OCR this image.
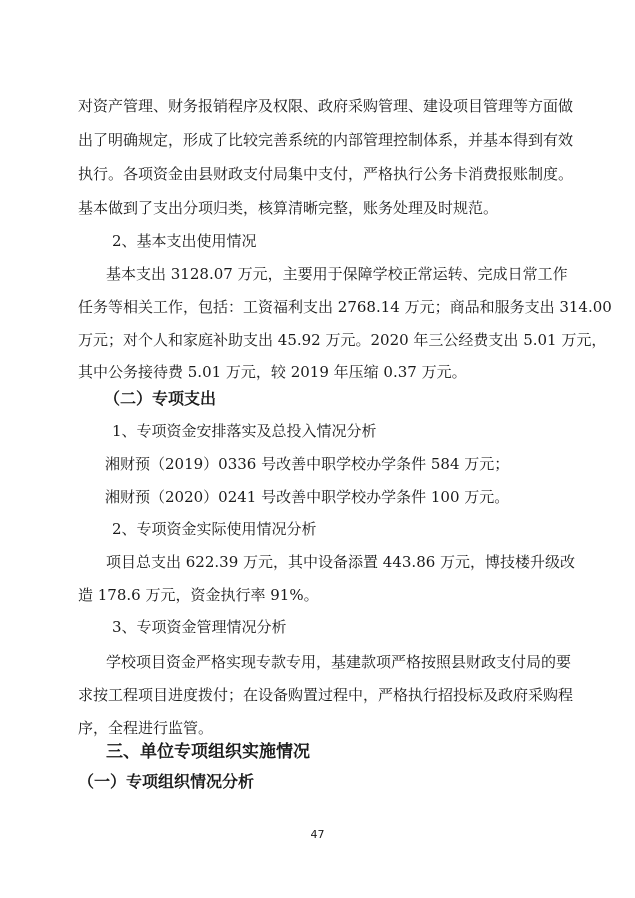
对资产管理、财务报销程序及权限、政府采购管理、建设项目管理等方面做
出了明确规定，形成了比较完善系统的内部管理控制体系，并基本得到有效
执行。各项资金由县财政支付局集中支付，严格执行公务卡消费报账制度。
基本做到了支出分项归类，核算清晰完整，账务处理及时规范。
2、基本支出使用情况
基本支出 3128.07 万元，主要用于保障学校正常运转、完成日常工作
任务等相关工作，包括：工资福利支出 2768.14 万元；商品和服务支出 314.00
万元；对个人和家庭补助支出 45.92 万元。2020 年三公经费支出 5.01 万元，
其中公务接待费 5.01 万元，较 2019 年压缩 0.37 万元。
（二）专项支出
1、专项资金安排落实及总投入情况分析
湘财预（2019）0336 号改善中职学校办学条件 584 万元；
湘财预（2020）0241 号改善中职学校办学条件 100 万元。
2、专项资金实际使用情况分析
项目总支出 622.39 万元，其中设备添置 443.86 万元，博技楼升级改
造 178.6 万元，资金执行率 91%。
3、专项资金管理情况分析
学校项目资金严格实现专款专用，基建款项严格按照县财政支付局的要
求按工程项目进度拨付；在设备购置过程中，严格执行招投标及政府采购程
序，全程进行监管。
三、单位专项组织实施情况
（一）专项组织情况分析
47
